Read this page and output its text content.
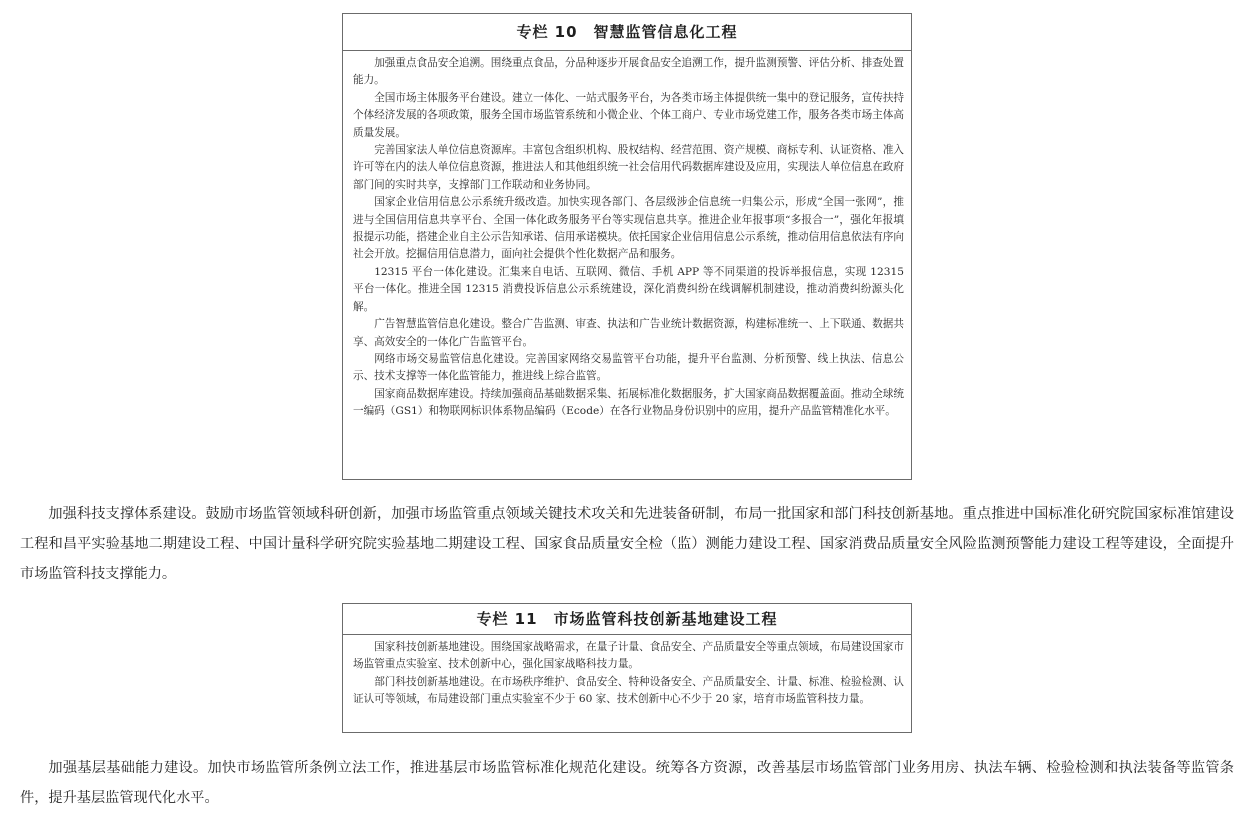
专栏 10　智慧监管信息化工程

加强重点食品安全追溯。围绕重点食品，分品种逐步开展食品安全追溯工作，提升监测预警、评估分析、排查处置能力。

全国市场主体服务平台建设。建立一体化、一站式服务平台，为各类市场主体提供统一集中的登记服务，宣传扶持个体经济发展的各项政策，服务全国市场监管系统和小微企业、个体工商户、专业市场党建工作，服务各类市场主体高质量发展。

完善国家法人单位信息资源库。丰富包含组织机构、股权结构、经营范围、资产规模、商标专利、认证资格、准入许可等在内的法人单位信息资源，推进法人和其他组织统一社会信用代码数据库建设及应用，实现法人单位信息在政府部门间的实时共享，支撑部门工作联动和业务协同。

国家企业信用信息公示系统升级改造。加快实现各部门、各层级涉企信息统一归集公示，形成“全国一张网”，推进与全国信用信息共享平台、全国一体化政务服务平台等实现信息共享。推进企业年报事项“多报合一”，强化年报填报提示功能，搭建企业自主公示告知承诺、信用承诺模块。依托国家企业信用信息公示系统，推动信用信息依法有序向社会开放。挖掘信用信息潜力，面向社会提供个性化数据产品和服务。

12315 平台一体化建设。汇集来自电话、互联网、微信、手机 APP 等不同渠道的投诉举报信息，实现 12315 平台一体化。推进全国 12315 消费投诉信息公示系统建设，深化消费纠纷在线调解机制建设，推动消费纠纷源头化解。

广告智慧监管信息化建设。整合广告监测、审查、执法和广告业统计数据资源，构建标准统一、上下联通、数据共享、高效安全的一体化广告监管平台。

网络市场交易监管信息化建设。完善国家网络交易监管平台功能，提升平台监测、分析预警、线上执法、信息公示、技术支撑等一体化监管能力，推进线上综合监管。

国家商品数据库建设。持续加强商品基础数据采集、拓展标准化数据服务，扩大国家商品数据覆盖面。推动全球统一编码（GS1）和物联网标识体系物品编码（Ecode）在各行业物品身份识别中的应用，提升产品监管精准化水平。

加强科技支撑体系建设。鼓励市场监管领域科研创新，加强市场监管重点领域关键技术攻关和先进装备研制，布局一批国家和部门科技创新基地。重点推进中国标准化研究院国家标准馆建设工程和昌平实验基地二期建设工程、中国计量科学研究院实验基地二期建设工程、国家食品质量安全检（监）测能力建设工程、国家消费品质量安全风险监测预警能力建设工程等建设，全面提升市场监管科技支撑能力。

专栏 11　市场监管科技创新基地建设工程

国家科技创新基地建设。围绕国家战略需求，在量子计量、食品安全、产品质量安全等重点领域，布局建设国家市场监管重点实验室、技术创新中心，强化国家战略科技力量。

部门科技创新基地建设。在市场秩序维护、食品安全、特种设备安全、产品质量安全、计量、标准、检验检测、认证认可等领域，布局建设部门重点实验室不少于 60 家、技术创新中心不少于 20 家，培育市场监管科技力量。

加强基层基础能力建设。加快市场监管所条例立法工作，推进基层市场监管标准化规范化建设。统筹各方资源，改善基层市场监管部门业务用房、执法车辆、检验检测和执法装备等监管条件，提升基层监管现代化水平。
